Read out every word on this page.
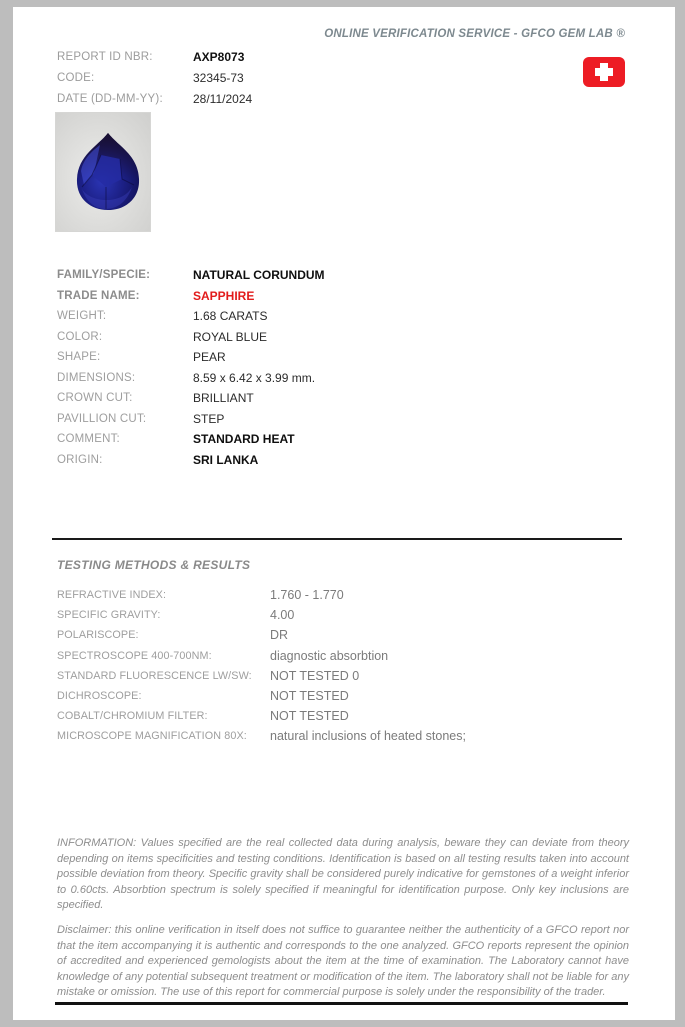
ONLINE VERIFICATION SERVICE - GFCO GEM LAB ®
REPORT ID NBR:	AXP8073
CODE:	32345-73
DATE (DD-MM-YY):	28/11/2024
FAMILY/SPECIE:	NATURAL CORUNDUM
TRADE NAME:	SAPPHIRE
WEIGHT:	1.68 CARATS
COLOR:	ROYAL BLUE
SHAPE:	PEAR
DIMENSIONS:	8.59 x 6.42 x 3.99 mm.
CROWN CUT:	BRILLIANT
PAVILLION CUT:	STEP
COMMENT:	STANDARD HEAT
ORIGIN:	SRI LANKA
TESTING METHODS & RESULTS
REFRACTIVE INDEX:	1.760 - 1.770
SPECIFIC GRAVITY:	4.00
POLARISCOPE:	DR
SPECTROSCOPE 400-700NM:	diagnostic absorbtion
STANDARD FLUORESCENCE LW/SW:	NOT TESTED 0
DICHROSCOPE:	NOT TESTED
COBALT/CHROMIUM FILTER:	NOT TESTED
MICROSCOPE MAGNIFICATION 80X:	natural inclusions of heated stones;
INFORMATION: Values specified are the real collected data during analysis, beware they can deviate from theory depending on items specificities and testing conditions. Identification is based on all testing results taken into account possible deviation from theory. Specific gravity shall be considered purely indicative for gemstones of a weight inferior to 0.60cts. Absorbtion spectrum is solely specified if meaningful for identification purpose. Only key inclusions are specified.
Disclaimer: this online verification in itself does not suffice to guarantee neither the authenticity of a GFCO report nor that the item accompanying it is authentic and corresponds to the one analyzed. GFCO reports represent the opinion of accredited and experienced gemologists about the item at the time of examination. The Laboratory cannot have knowledge of any potential subsequent treatment or modification of the item. The laboratory shall not be liable for any mistake or omission. The use of this report for commercial purpose is solely under the responsibility of the trader.
